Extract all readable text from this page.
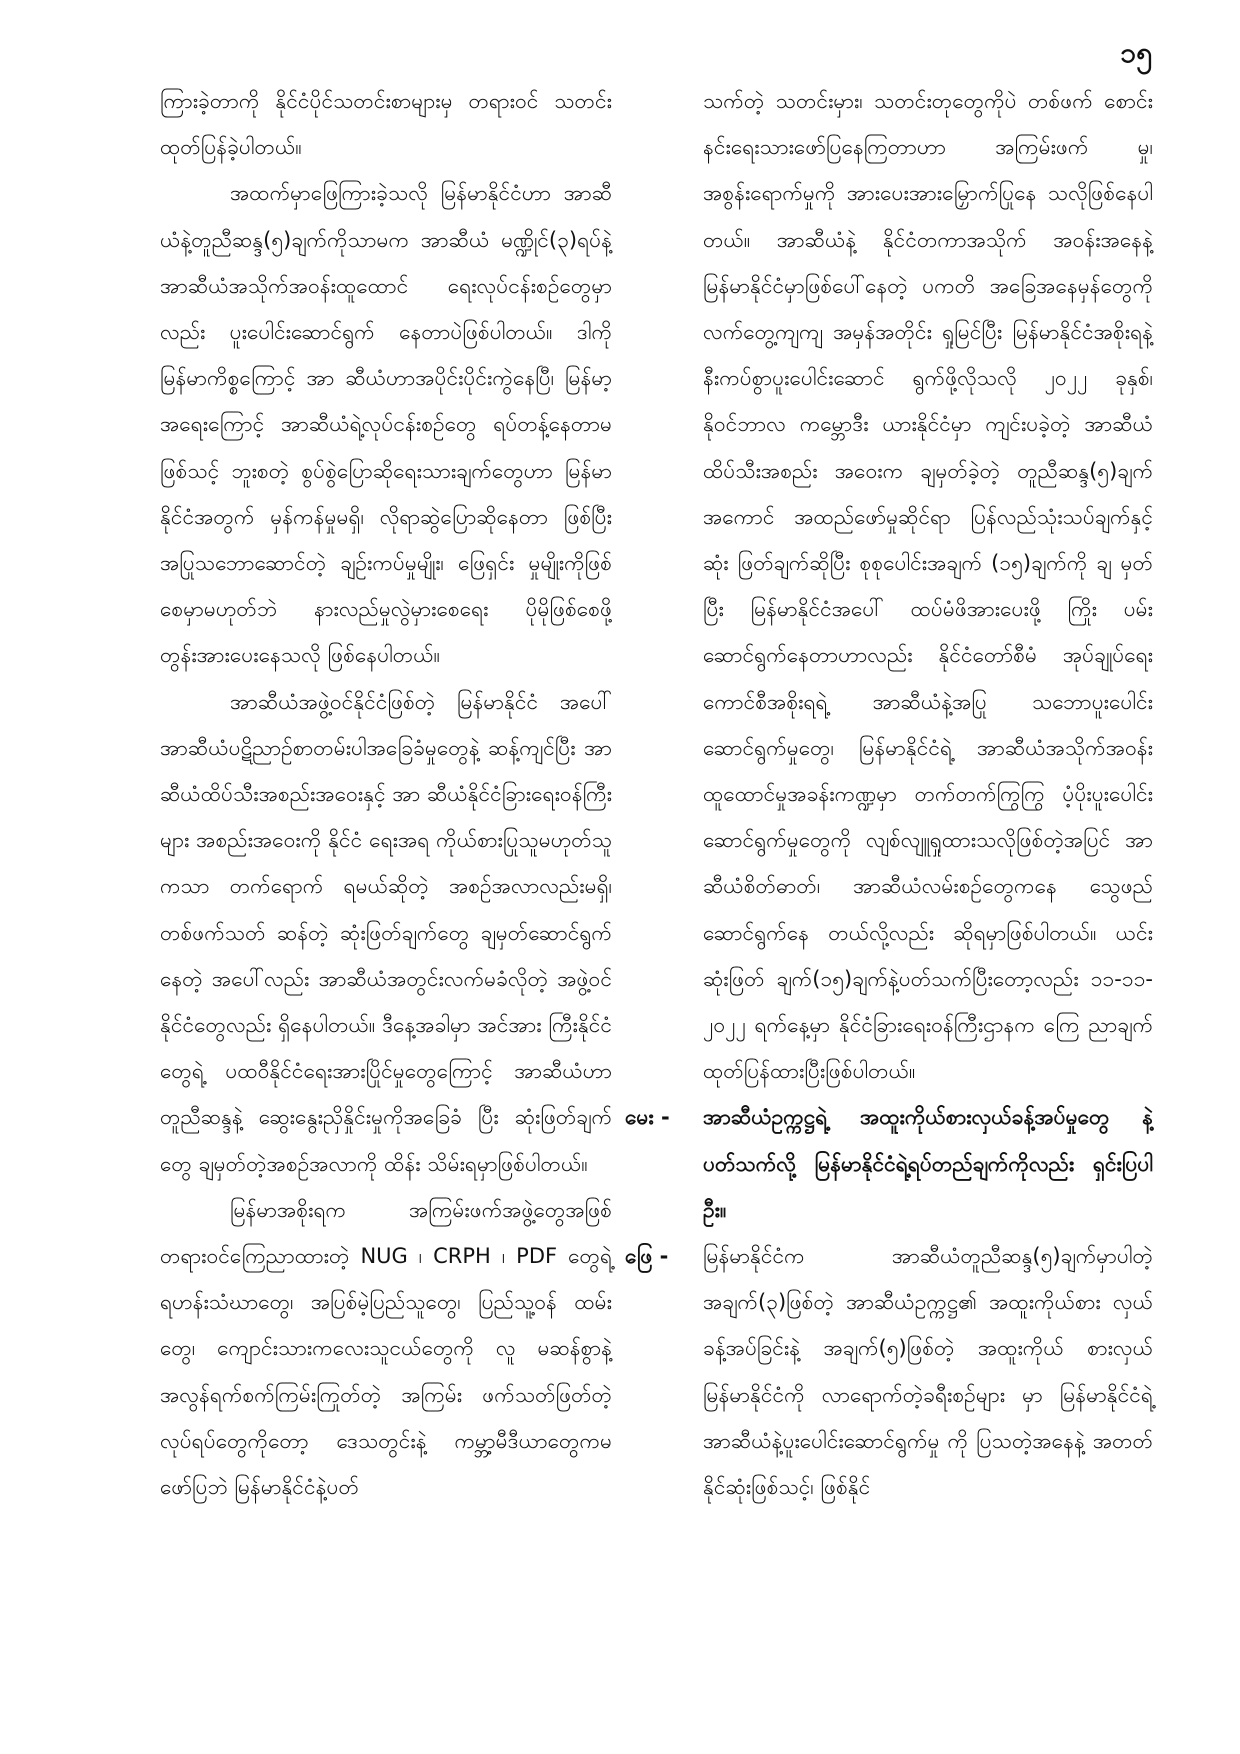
၁၅

ကြားခဲ့တာကို နိုင်ငံပိုင်သတင်းစာများမှ တရားဝင် သတင်းထုတ်ပြန်ခဲ့ပါတယ်။

အထက်မှာဖြေကြားခဲ့သလို မြန်မာနိုင်ငံဟာ အာဆီယံနဲ့တူညီဆန္ဒ(၅)ချက်ကိုသာမက အာဆီယံ မဏ္ဍိုင်(၃)ရပ်နဲ့ အာဆီယံအသိုက်အဝန်းထူထောင် ရေးလုပ်ငန်းစဉ်တွေမှာလည်း ပူးပေါင်းဆောင်ရွက် နေတာပဲဖြစ်ပါတယ်။ ဒါကို မြန်မာကိစ္စကြောင့် အာ ဆီယံဟာအပိုင်းပိုင်းကွဲနေပြီ၊ မြန်မာ့အရေးကြောင့် အာဆီယံရဲ့လုပ်ငန်းစဉ်တွေ ရပ်တန့်နေတာမဖြစ်သင့် ဘူးစတဲ့ စွပ်စွဲပြောဆိုရေးသားချက်တွေဟာ မြန်မာ နိုင်ငံအတွက် မှန်ကန်မှုမရှိ၊ လိုရာဆွဲပြောဆိုနေတာ ဖြစ်ပြီး အပြုသဘောဆောင်တဲ့ ချဉ်းကပ်မှုမျိုး၊ ဖြေရှင်း မှုမျိုးကိုဖြစ်စေမှာမဟုတ်ဘဲ နားလည်မှုလွဲမှားစေရေး ပိုမိုဖြစ်စေဖို့တွန်းအားပေးနေသလို ဖြစ်နေပါတယ်။

အာဆီယံအဖွဲ့ဝင်နိုင်ငံဖြစ်တဲ့ မြန်မာနိုင်ငံ အပေါ် အာဆီယံပဋိညာဉ်စာတမ်းပါအခြေခံမှုတွေနဲ့ ဆန့်ကျင်ပြီး အာဆီယံထိပ်သီးအစည်းအဝေးနှင့် အာ ဆီယံနိုင်ငံခြားရေးဝန်ကြီးများ အစည်းအဝေးကို နိုင်ငံ ရေးအရ ကိုယ်စားပြုသူမဟုတ်သူကသာ တက်ရောက် ရမယ်ဆိုတဲ့ အစဉ်အလာလည်းမရှိ၊ တစ်ဖက်သတ် ဆန်တဲ့ ဆုံးဖြတ်ချက်တွေ ချမှတ်ဆောင်ရွက်နေတဲ့ အပေါ်လည်း အာဆီယံအတွင်းလက်မခံလိုတဲ့ အဖွဲ့ဝင် နိုင်ငံတွေလည်း ရှိနေပါတယ်။ ဒီနေ့အခါမှာ အင်အား ကြီးနိုင်ငံတွေရဲ့ ပထဝီနိုင်ငံရေးအားပြိုင်မှုတွေကြောင့် အာဆီယံဟာတူညီဆန္ဒနဲ့ ဆွေးနွေးညှိနှိုင်းမှုကိုအခြေခံ ပြီး ဆုံးဖြတ်ချက်တွေ ချမှတ်တဲ့အစဉ်အလာကို ထိန်း သိမ်းရမှာဖြစ်ပါတယ်။

မြန်မာအစိုးရက အကြမ်းဖက်အဖွဲ့တွေအဖြစ် တရားဝင်ကြေညာထားတဲ့ NUG ၊ CRPH ၊ PDF တွေရဲ့ ရဟန်းသံဃာတွေ၊ အပြစ်မဲ့ပြည်သူတွေ၊ ပြည်သူ့ဝန် ထမ်းတွေ၊ ကျောင်းသားကလေးသူငယ်တွေကို လူ မဆန်စွာနဲ့ အလွန်ရက်စက်ကြမ်းကြုတ်တဲ့ အကြမ်း ဖက်သတ်ဖြတ်တဲ့လုပ်ရပ်တွေကိုတော့ ဒေသတွင်းနဲ့ ကမ္ဘာ့မီဒီယာတွေကမဖော်ပြဘဲ မြန်မာနိုင်ငံနဲ့ပတ်

သက်တဲ့ သတင်းမှား၊ သတင်းတုတွေကိုပဲ တစ်ဖက် စောင်းနင်းရေးသားဖော်ပြနေကြတာဟာ အကြမ်းဖက် မှု၊ အစွန်းရောက်မှုကို အားပေးအားမြှောက်ပြုနေ သလိုဖြစ်နေပါတယ်။ အာဆီယံနဲ့ နိုင်ငံတကာအသိုက် အဝန်းအနေနဲ့ မြန်မာနိုင်ငံမှာဖြစ်ပေါ်နေတဲ့ ပကတိ အခြေအနေမှန်တွေကို လက်တွေ့ကျကျ အမှန်အတိုင်း ရှုမြင်ပြီး မြန်မာနိုင်ငံအစိုးရနဲ့ နီးကပ်စွာပူးပေါင်းဆောင် ရွက်ဖို့လိုသလို ၂၀၂၂ ခုနှစ်၊ နိုဝင်ဘာလ ကမ္ဘောဒီး ယားနိုင်ငံမှာ ကျင်းပခဲ့တဲ့ အာဆီယံထိပ်သီးအစည်း အဝေးက ချမှတ်ခဲ့တဲ့ တူညီဆန္ဒ(၅)ချက် အကောင် အထည်ဖော်မှုဆိုင်ရာ ပြန်လည်သုံးသပ်ချက်နှင့် ဆုံး ဖြတ်ချက်ဆိုပြီး စုစုပေါင်းအချက် (၁၅)ချက်ကို ချ မှတ်ပြီး မြန်မာနိုင်ငံအပေါ် ထပ်မံဖိအားပေးဖို့ ကြိုး ပမ်းဆောင်ရွက်နေတာဟာလည်း နိုင်ငံတော်စီမံ အုပ်ချုပ်ရေးကောင်စီအစိုးရရဲ့ အာဆီယံနဲ့အပြု သဘောပူးပေါင်းဆောင်ရွက်မှုတွေ၊ မြန်မာနိုင်ငံရဲ့ အာဆီယံအသိုက်အဝန်း ထူထောင်မှုအခန်းကဏ္ဍမှာ တက်တက်ကြွကြွ ပံ့ပိုးပူးပေါင်းဆောင်ရွက်မှုတွေကို လျစ်လျူရှုထားသလိုဖြစ်တဲ့အပြင် အာဆီယံစိတ်ဓာတ်၊ အာဆီယံလမ်းစဉ်တွေကနေ သွေဖည်ဆောင်ရွက်နေ တယ်လို့လည်း ဆိုရမှာဖြစ်ပါတယ်။ ယင်းဆုံးဖြတ် ချက်(၁၅)ချက်နဲ့ပတ်သက်ပြီးတော့လည်း ၁၁-၁၁- ၂၀၂၂ ရက်နေ့မှာ နိုင်ငံခြားရေးဝန်ကြီးဌာနက ကြေ ညာချက်ထုတ်ပြန်ထားပြီးဖြစ်ပါတယ်။

မေး -	အာဆီယံဥက္ကဋ္ဌရဲ့ အထူးကိုယ်စားလှယ်ခန့်အပ်မှုတွေ နဲ့ပတ်သက်လို့ မြန်မာနိုင်ငံရဲ့ရပ်တည်ချက်ကိုလည်း ရှင်းပြပါဦး။
ဖြေ -	မြန်မာနိုင်ငံက အာဆီယံတူညီဆန္ဒ(၅)ချက်မှာပါတဲ့ အချက်(၃)ဖြစ်တဲ့ အာဆီယံဥက္ကဋ္ဌ၏ အထူးကိုယ်စား လှယ်ခန့်အပ်ခြင်းနဲ့ အချက်(၅)ဖြစ်တဲ့ အထူးကိုယ် စားလှယ် မြန်မာနိုင်ငံကို လာရောက်တဲ့ခရီးစဉ်များ မှာ မြန်မာနိုင်ငံရဲ့ အာဆီယံနဲ့ပူးပေါင်းဆောင်ရွက်မှု ကို ပြသတဲ့အနေနဲ့ အတတ်နိုင်ဆုံးဖြစ်သင့်၊ ဖြစ်နိုင်
